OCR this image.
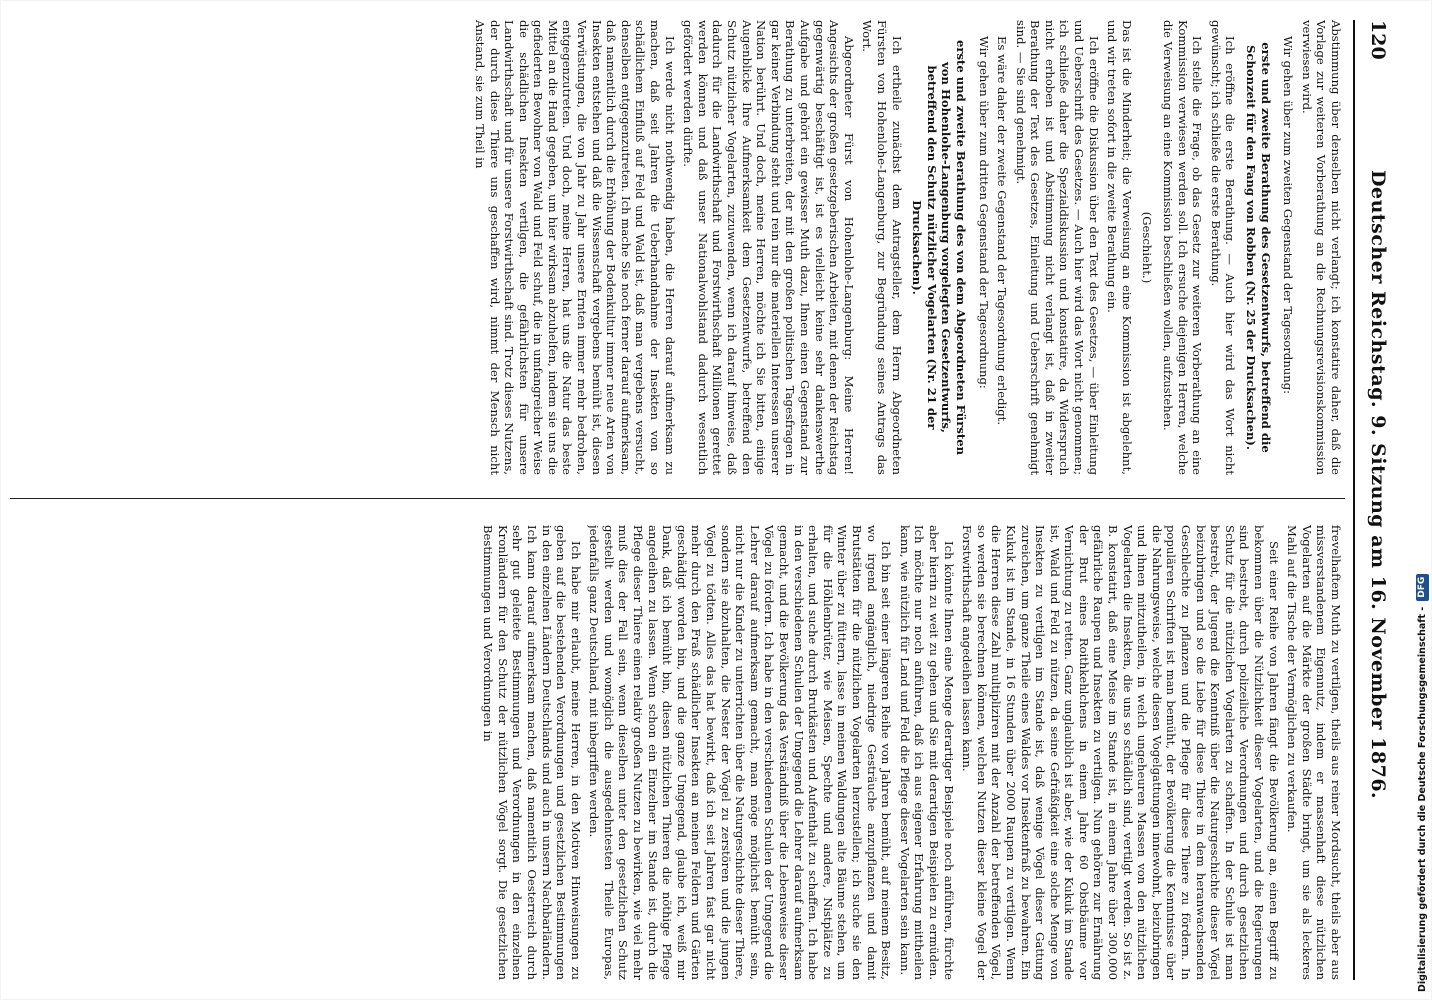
120
Deutscher Reichstag. 9. Sitzung am 16. November 1876.

Abstimmung über denselben nicht verlangt; ich konstatire daher, daß die Vorlage zur weiteren Vorberathung an die Rechnungsrevisionskommission verwiesen wird.

Wir gehen über zum zweiten Gegenstand der Tagesordnung:

erste und zweite Berathung des Gesetzentwurfs, betreffend die Schonzeit für den Fang von Robben (Nr. 25 der Drucksachen).

Ich eröffne die erste Berathung. — Auch hier wird das Wort nicht gewünscht; ich schließe die erste Berathung.

Ich stelle die Frage, ob das Gesetz zur weiteren Vorberathung an eine Kommission verwiesen werden soll. Ich ersuche diejenigen Herren, welche die Verweisung an eine Kommission beschließen wollen, aufzustehen.

(Geschieht.)

Das ist die Minderheit; die Verweisung an eine Kommission ist abgelehnt, und wir treten sofort in die zweite Berathung ein.

Ich eröffne die Diskussion über den Text des Gesetzes, — über Einleitung und Ueberschrift des Gesetzes. — Auch hier wird das Wort nicht genommen; ich schließe daher die Spezialdiskussion und konstatire, da Widerspruch nicht erhoben ist und Abstimmung nicht verlangt ist, daß in zweiter Berathung der Text des Gesetzes, Einleitung und Ueberschrift genehmigt sind. — Sie sind genehmigt.

Es wäre daher der zweite Gegenstand der Tagesordnung erledigt.

Wir gehen über zum dritten Gegenstand der Tagesordnung:

erste und zweite Berathung des von dem Abgeordneten Fürsten von Hohenlohe-Langenburg vorgelegten Gesetzentwurfs, betreffend den Schutz nützlicher Vogelarten (Nr. 21 der Drucksachen).

Ich ertheile zunächst dem Antragsteller, dem Herrn Abgeordneten Fürsten von Hohenlohe-Langenburg, zur Begründung seines Antrags das Wort.

Abgeordneter Fürst von Hohenlohe-Langenburg: Meine Herren! Angesichts der großen gesetzgeberischen Arbeiten, mit denen der Reichstag gegenwärtig beschäftigt ist, ist es vielleicht keine sehr dankenswerthe Aufgabe und gehört ein gewisser Muth dazu, Ihnen einen Gegenstand zur Berathung zu unterbreiten, der mit den großen politischen Tagesfragen in gar keiner Verbindung steht und rein nur die materiellen Interessen unserer Nation berührt. Und doch, meine Herren, möchte ich Sie bitten, einige Augenblicke Ihre Aufmerksamkeit dem Gesetzentwurfe, betreffend den Schutz nützlicher Vogelarten, zuzuwenden, wenn ich darauf hinweise, daß dadurch für die Landwirthschaft und Forstwirthschaft Millionen gerettet werden können und daß unser Nationalwohlstand dadurch wesentlich gefördert werden dürfte.

Ich werde nicht nothwendig haben, die Herren darauf aufmerksam zu machen, daß seit Jahren die Ueberhandnahme der Insekten von so schädlichem Einfluß auf Feld und Wald ist, daß man vergebens versucht, denselben entgegenzutreten. Ich mache Sie noch ferner darauf aufmerksam, daß namentlich durch die Erhöhung der Bodenkultur immer neue Arten von Insekten entstehen und daß die Wissenschaft vergebens bemüht ist, diesen Verwüstungen, die von Jahr zu Jahr unsere Ernten immer mehr bedrohen, entgegenzutreten. Und doch, meine Herren, hat uns die Natur das beste Mittel an die Hand gegeben, um hier wirksam abzuhelfen, indem sie uns die gefiederten Bewohner von Wald und Feld schuf, die in umfangreicher Weise die schädlichen Insekten vertilgen, die gefährlichsten für unsere Landwirthschaft und für unsere Forstwirthschaft sind. Trotz dieses Nutzens, der durch diese Thiere uns geschaffen wird, nimmt der Mensch nicht Anstand, sie zum Theil in

frevelhaftem Muth zu vertilgen, theils aus reiner Mordsucht, theils aber aus missverstandenem Eigennutz, indem er massenhaft diese nützlichen Vogelarten auf die Märkte der großen Städte bringt, um sie als leckeres Mahl auf die Tische der Vermöglichen zu verkaufen.

Seit einer Reihe von Jahren fängt die Bevölkerung an, einen Begriff zu bekommen über die Nützlichkeit dieser Vogelarten, und die Regierungen sind bestrebt, durch polizeiliche Verordnungen und durch gesetzlichen Schutz für die nützlichen Vogelarten zu schaffen. In der Schule ist man bestrebt, der Jugend die Kenntniß über die Naturgeschichte dieser Vögel beizubringen und so die Liebe für diese Thiere in dem heranwachsenden Geschlechte zu pflanzen und die Pflege für diese Thiere zu fördern. In populären Schriften ist man bemüht, der Bevölkerung die Kenntnisse über die Nahrungsweise, welche diesen Vogelgattungen innewohnt, beizubringen und ihnen mitzutheilen, in welch ungeheuren Massen von den nützlichen Vogelarten die Insekten, die uns so schädlich sind, vertilgt werden. So ist z. B. konstatirt, daß eine Meise im Stande ist, in einem Jahre über 300,000 gefährliche Raupen und Insekten zu vertilgen. Nun gehören zur Ernährung der Brut eines Roithkehlchens in einem Jahre 60 Obstbäume vor Vernichtung zu retten. Ganz unglaublich ist aber, wie der Kukuk im Stande ist, Wald und Feld zu nützen, da seine Gefräßigkeit eine solche Menge von Insekten zu vertilgen im Stande ist, daß wenige Vögel dieser Gattung zureichen, um ganze Theile eines Waldes vor Insektenfraß zu bewahren. Ein Kukuk ist im Stande, in 16 Stunden über 2000 Raupen zu vertilgen. Wenn die Herren diese Zahl multipliziren mit der Anzahl der betreffenden Vögel, so werden sie berechnen können, welchen Nutzen dieser kleine Vogel der Forstwirthschaft angedeihen lassen kann.

Ich könnte Ihnen eine Menge derartiger Beispiele noch anführen, fürchte aber hierin zu weit zu gehen und Sie mit derartigen Beispielen zu ermüden. Ich möchte nur noch anführen, daß ich aus eigener Erfahrung mittheilen kann, wie nützlich für Land und Feld die Pflege dieser Vogelarten sein kann.

Ich bin seit einer längeren Reihe von Jahren bemüht, auf meinem Besitz, wo irgend angänglich, niedrige Gesträuche anzupflanzen und damit Brutstätten für die nützlichen Vogelarten herzustellen; ich suche sie den Winter über zu füttern, lasse in meinen Waldungen alte Bäume stehen, um für die Höhlenbrüter, wie Meisen, Spechte und andere, Nistplätze zu erhalten, und suche durch Brutkästen und Aufenthalt zu schaffen. Ich habe in den verschiedenen Schulen der Umgegend die Lehrer darauf aufmerksam gemacht, und die Bevölkerung das Verständniß über die Lebensweise dieser Vögel zu fördern. Ich habe in den verschiedenen Schulen der Umgegend die Lehrer darauf aufmerksam gemacht, man möge möglichst bemüht sein, nicht nur die Kinder zu unterrichten über die Naturgeschichte dieser Thiere, sondern sie abzuhalten, die Nester der Vögel zu zerstören und die jungen Vögel zu tödten. Alles das hat bewirkt, daß ich seit Jahren fast gar nicht mehr durch den Fraß schädlicher Insekten an meinen Feldern und Gärten geschädigt worden bin, und die ganze Umgegend, glaube ich, weiß mir Dank, daß ich bemüht bin, diesen nützlichen Thieren die nöthige Pflege angedeihen zu lassen. Wenn schon ein Einzelner im Stande ist, durch die Pflege dieser Thiere einen relativ großen Nutzen zu bewirken, wie viel mehr muß dies der Fall sein, wenn dieselben unter den gesetzlichen Schutz gestellt werden und womöglich die ausgedehntesten Theile Europas, jedenfalls ganz Deutschland, mit inbegriffen werden.

Ich habe mir erlaubt, meine Herren, in den Motiven Hinweisungen zu geben auf die bestehenden Verordnungen und gesetzlichen Bestimmungen in den einzelnen Ländern Deutschlands und auch in unsern Nachbarländern. Ich kann darauf aufmerksam machen, daß namentlich Oesterreich durch sehr gut geleitete Bestimmungen und Verordnungen in den einzelnen Kronländern für den Schutz der nützlichen Vögel sorgt. Die gesetzlichen Bestimmungen und Verordnungen in	Digitalisierung gefördert durch die Deutsche Forschungsgemeinschaft -
DFG
